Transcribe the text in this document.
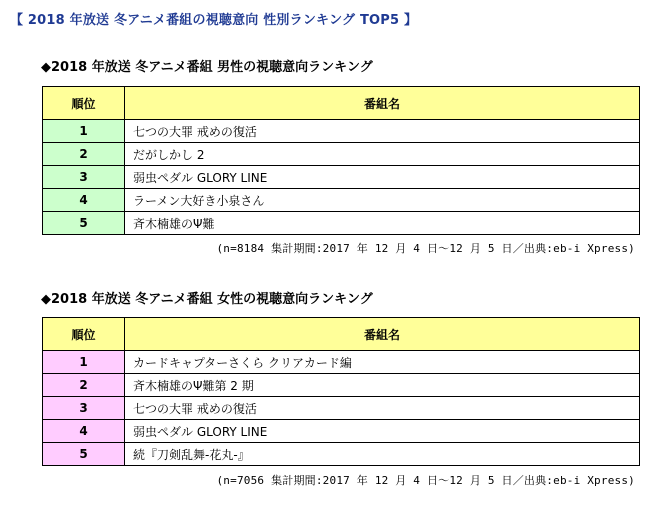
【 2018 年放送 冬アニメ番組の視聴意向 性別ランキング TOP5 】
◆2018 年放送 冬アニメ番組 男性の視聴意向ランキング
順位	番組名
1	七つの大罪 戒めの復活
2	だがしかし 2
3	弱虫ペダル GLORY LINE
4	ラーメン大好き小泉さん
5	斉木楠雄のΨ難
(n=8184 集計期間:2017 年 12 月 4 日～12 月 5 日／出典:eb-i Xpress)
◆2018 年放送 冬アニメ番組 女性の視聴意向ランキング
順位	番組名
1	カードキャプターさくら クリアカード編
2	斉木楠雄のΨ難第 2 期
3	七つの大罪 戒めの復活
4	弱虫ペダル GLORY LINE
5	続『刀剣乱舞-花丸-』
(n=7056 集計期間:2017 年 12 月 4 日～12 月 5 日／出典:eb-i Xpress)
